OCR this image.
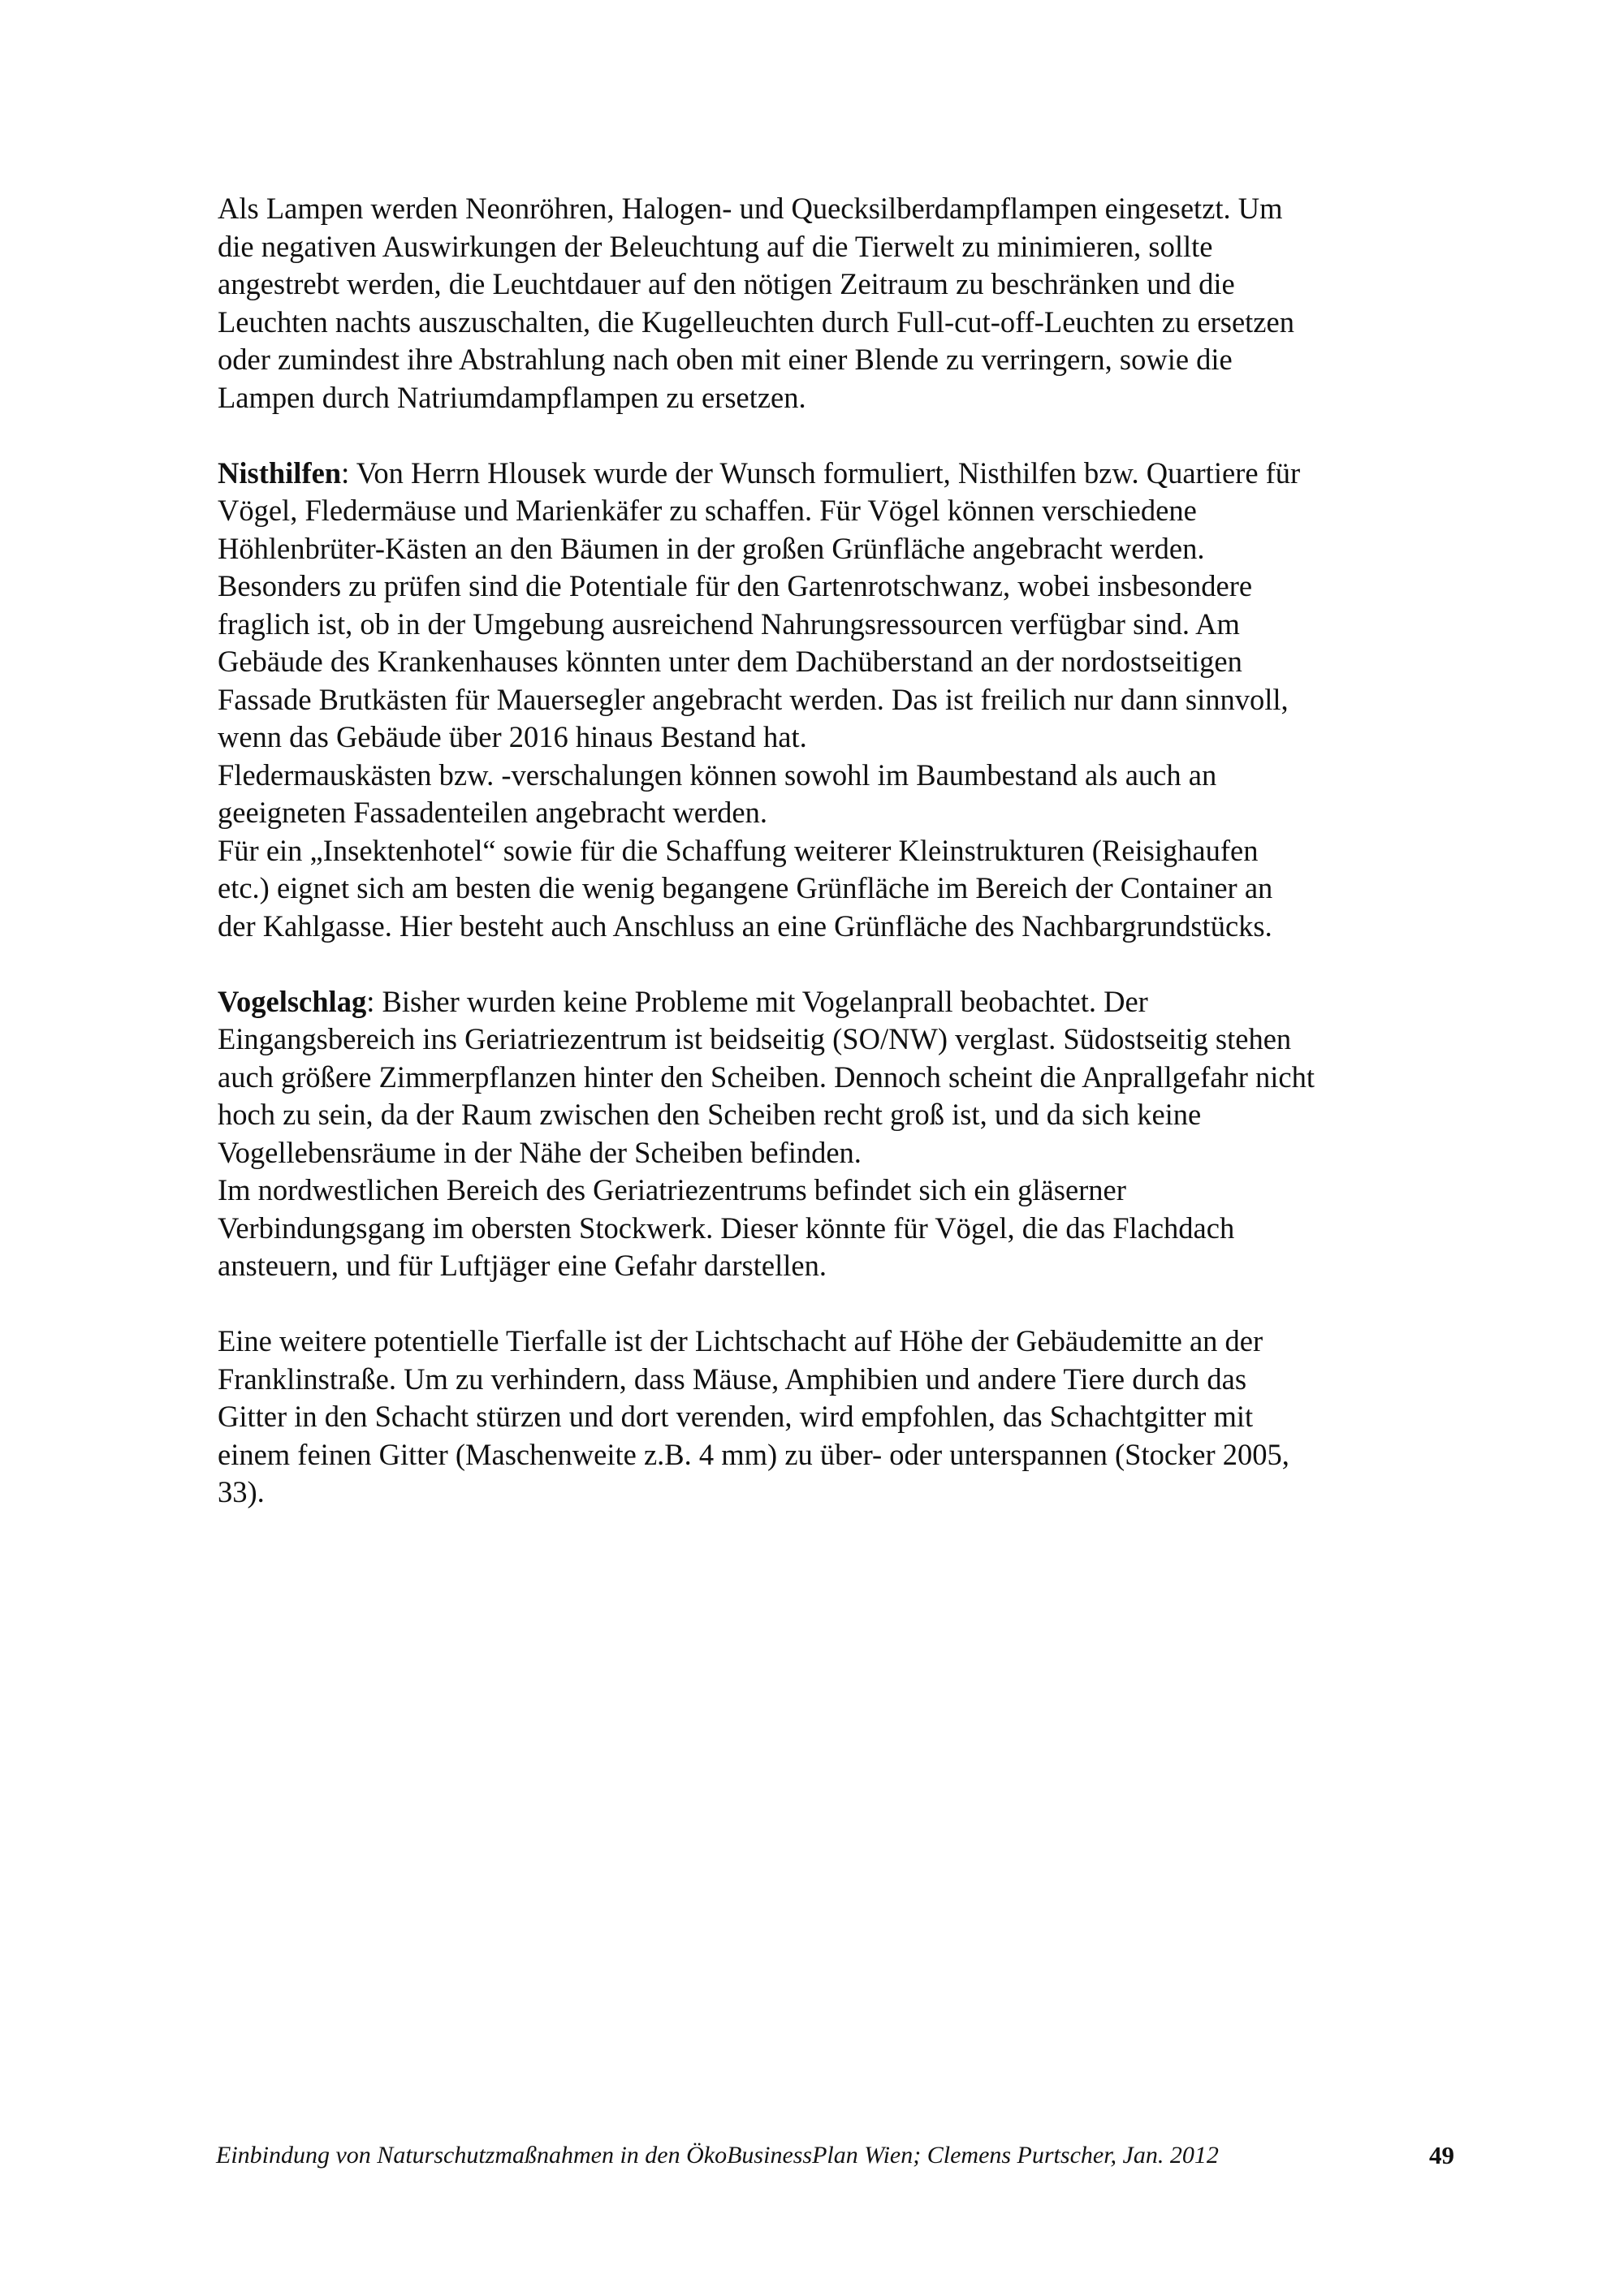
Als Lampen werden Neonröhren, Halogen- und Quecksilberdampflampen eingesetzt. Um
die negativen Auswirkungen der Beleuchtung auf die Tierwelt zu minimieren, sollte
angestrebt werden, die Leuchtdauer auf den nötigen Zeitraum zu beschränken und die
Leuchten nachts auszuschalten, die Kugelleuchten durch Full-cut-off-Leuchten zu ersetzen
oder zumindest ihre Abstrahlung nach oben mit einer Blende zu verringern, sowie die
Lampen durch Natriumdampflampen zu ersetzen.

Nisthilfen: Von Herrn Hlousek wurde der Wunsch formuliert, Nisthilfen bzw. Quartiere für
Vögel, Fledermäuse und Marienkäfer zu schaffen. Für Vögel können verschiedene
Höhlenbrüter-Kästen an den Bäumen in der großen Grünfläche angebracht werden.
Besonders zu prüfen sind die Potentiale für den Gartenrotschwanz, wobei insbesondere
fraglich ist, ob in der Umgebung ausreichend Nahrungsressourcen verfügbar sind. Am
Gebäude des Krankenhauses könnten unter dem Dachüberstand an der nordostseitigen
Fassade Brutkästen für Mauersegler angebracht werden. Das ist freilich nur dann sinnvoll,
wenn das Gebäude über 2016 hinaus Bestand hat.
Fledermauskästen bzw. -verschalungen können sowohl im Baumbestand als auch an
geeigneten Fassadenteilen angebracht werden.
Für ein „Insektenhotel“ sowie für die Schaffung weiterer Kleinstrukturen (Reisighaufen
etc.) eignet sich am besten die wenig begangene Grünfläche im Bereich der Container an
der Kahlgasse. Hier besteht auch Anschluss an eine Grünfläche des Nachbargrundstücks.

Vogelschlag: Bisher wurden keine Probleme mit Vogelanprall beobachtet. Der
Eingangsbereich ins Geriatriezentrum ist beidseitig (SO/NW) verglast. Südostseitig stehen
auch größere Zimmerpflanzen hinter den Scheiben. Dennoch scheint die Anprallgefahr nicht
hoch zu sein, da der Raum zwischen den Scheiben recht groß ist, und da sich keine
Vogellebensräume in der Nähe der Scheiben befinden.
Im nordwestlichen Bereich des Geriatriezentrums befindet sich ein gläserner
Verbindungsgang im obersten Stockwerk. Dieser könnte für Vögel, die das Flachdach
ansteuern, und für Luftjäger eine Gefahr darstellen.

Eine weitere potentielle Tierfalle ist der Lichtschacht auf Höhe der Gebäudemitte an der
Franklinstraße. Um zu verhindern, dass Mäuse, Amphibien und andere Tiere durch das
Gitter in den Schacht stürzen und dort verenden, wird empfohlen, das Schachtgitter mit
einem feinen Gitter (Maschenweite z.B. 4 mm) zu über- oder unterspannen (Stocker 2005,
33).

Einbindung von Naturschutzmaßnahmen in den ÖkoBusinessPlan Wien; Clemens Purtscher, Jan. 2012	49
